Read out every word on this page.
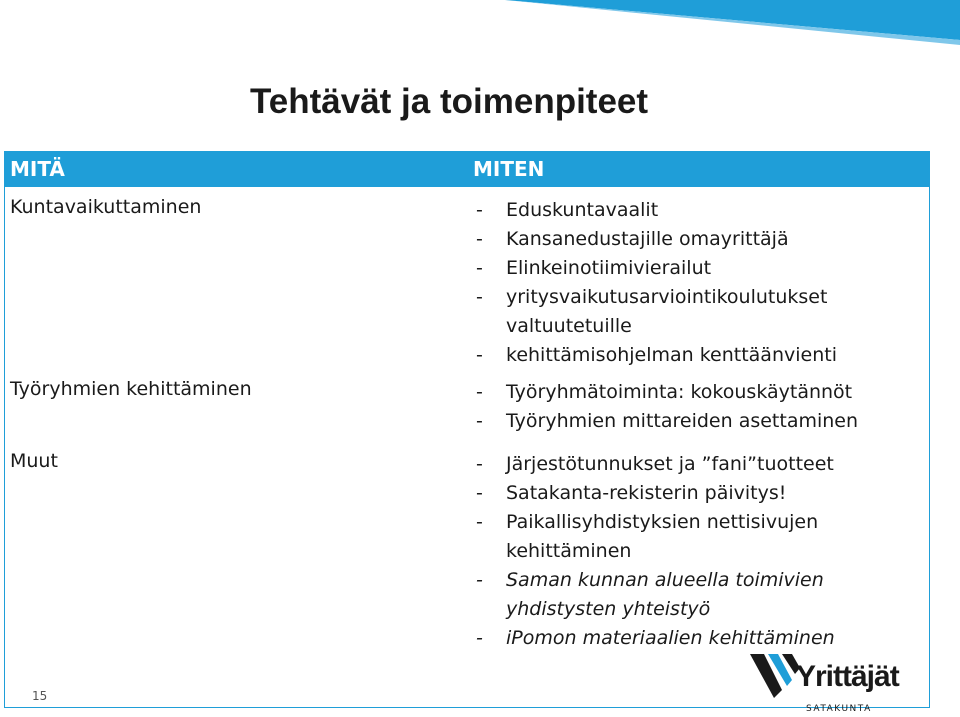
Tehtävät ja toimenpiteet
MITÄ	MITEN
Kuntavaikuttaminen	- Eduskuntavaalit
- Kansanedustajille omayrittäjä
- Elinkeinotiimivierailut
- yritysvaikutusarviointikoulutukset valtuutetuille
- kehittämisohjelman kenttäänvienti
Työryhmien kehittäminen	- Työryhmätoiminta: kokouskäytännöt
- Työryhmien mittareiden asettaminen
Muut	- Järjestötunnukset ja ”fani”tuotteet
- Satakanta-rekisterin päivitys!
- Paikallisyhdistyksien nettisivujen kehittäminen
- Saman kunnan alueella toimivien yhdistysten yhteistyö
- iPomon materiaalien kehittäminen
15
Yrittäjät
SATAKUNTA
